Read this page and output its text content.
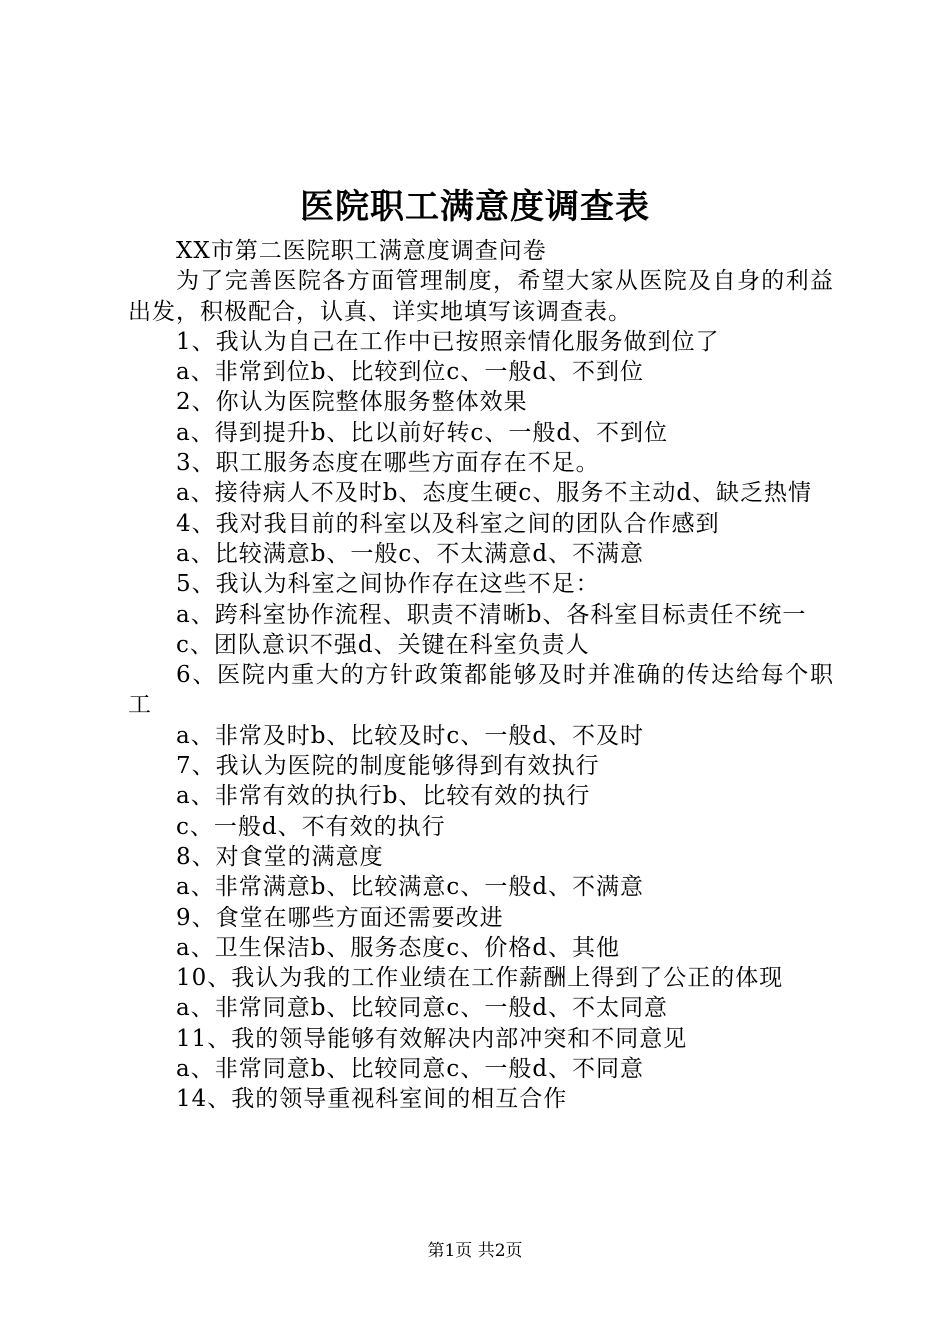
医院职工满意度调查表

XX市第二医院职工满意度调查问卷

为了完善医院各方面管理制度，希望大家从医院及自身的利益出发，积极配合，认真、详实地填写该调查表。

1、我认为自己在工作中已按照亲情化服务做到位了

a、非常到位b、比较到位c、一般d、不到位

2、你认为医院整体服务整体效果

a、得到提升b、比以前好转c、一般d、不到位

3、职工服务态度在哪些方面存在不足。

a、接待病人不及时b、态度生硬c、服务不主动d、缺乏热情

4、我对我目前的科室以及科室之间的团队合作感到

a、比较满意b、一般c、不太满意d、不满意

5、我认为科室之间协作存在这些不足：

a、跨科室协作流程、职责不清晰b、各科室目标责任不统一

c、团队意识不强d、关键在科室负责人

6、医院内重大的方针政策都能够及时并准确的传达给每个职工

a、非常及时b、比较及时c、一般d、不及时

7、我认为医院的制度能够得到有效执行

a、非常有效的执行b、比较有效的执行

c、一般d、不有效的执行

8、对食堂的满意度

a、非常满意b、比较满意c、一般d、不满意

9、食堂在哪些方面还需要改进

a、卫生保洁b、服务态度c、价格d、其他

10、我认为我的工作业绩在工作薪酬上得到了公正的体现

a、非常同意b、比较同意c、一般d、不太同意

11、我的领导能够有效解决内部冲突和不同意见

a、非常同意b、比较同意c、一般d、不同意

14、我的领导重视科室间的相互合作

第1页 共2页
